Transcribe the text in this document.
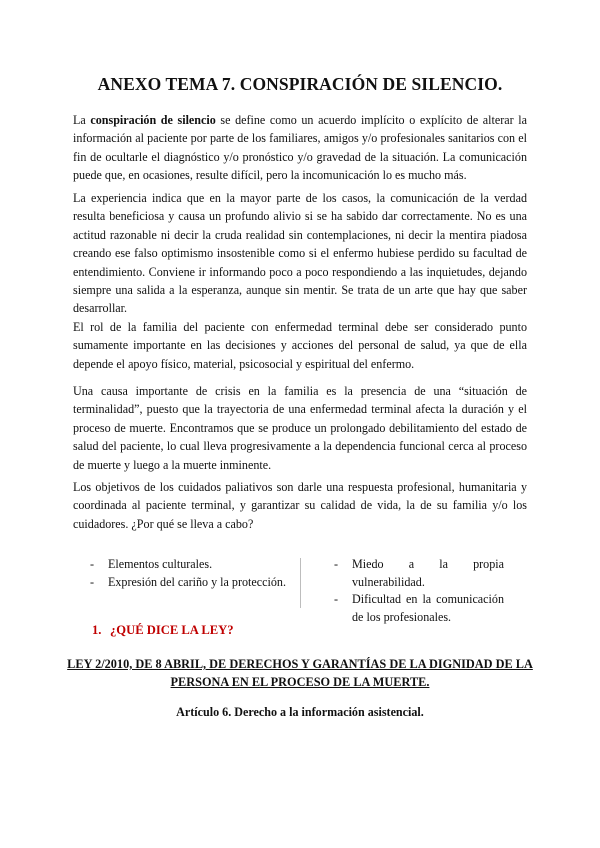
ANEXO TEMA 7. CONSPIRACIÓN DE SILENCIO.

La conspiración de silencio se define como un acuerdo implícito o explícito de alterar la información al paciente por parte de los familiares, amigos y/o profesionales sanitarios con el fin de ocultarle el diagnóstico y/o pronóstico y/o gravedad de la situación. La comunicación puede que, en ocasiones, resulte difícil, pero la incomunicación lo es mucho más.

La experiencia indica que en la mayor parte de los casos, la comunicación de la verdad resulta beneficiosa y causa un profundo alivio si se ha sabido dar correctamente. No es una actitud razonable ni decir la cruda realidad sin contemplaciones, ni decir la mentira piadosa creando ese falso optimismo insostenible como si el enfermo hubiese perdido su facultad de entendimiento. Conviene ir informando poco a poco respondiendo a las inquietudes, dejando siempre una salida a la esperanza, aunque sin mentir. Se trata de un arte que hay que saber desarrollar.

El rol de la familia del paciente con enfermedad terminal debe ser considerado punto sumamente importante en las decisiones y acciones del personal de salud, ya que de ella depende el apoyo físico, material, psicosocial y espiritual del enfermo.

Una causa importante de crisis en la familia es la presencia de una “situación de terminalidad”, puesto que la trayectoria de una enfermedad terminal afecta la duración y el proceso de muerte. Encontramos que se produce un prolongado debilitamiento del estado de salud del paciente, lo cual lleva progresivamente a la dependencia funcional cerca al proceso de muerte y luego a la muerte inminente.

Los objetivos de los cuidados paliativos son darle una respuesta profesional, humanitaria y coordinada al paciente terminal, y garantizar su calidad de vida, la de su familia y/o los cuidadores. ¿Por qué se lleva a cabo?

- Elementos culturales.
- Expresión del cariño y la protección.
- Miedo a la propia vulnerabilidad.
- Dificultad en la comunicación de los profesionales.
1. ¿QUÉ DICE LA LEY?

LEY 2/2010, DE 8 ABRIL, DE DERECHOS Y GARANTÍAS DE LA DIGNIDAD DE LA PERSONA EN EL PROCESO DE LA MUERTE.

Artículo 6. Derecho a la información asistencial.
